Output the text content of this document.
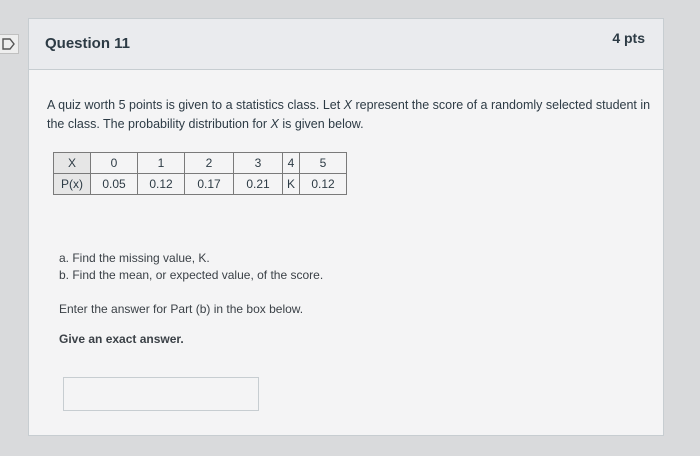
Question 11	4 pts
A quiz worth 5 points is given to a statistics class. Let X represent the score of a randomly selected student in the class. The probability distribution for X is given below.
X	0	1	2	3	4	5
P(x)	0.05	0.12	0.17	0.21	K	0.12
a. Find the missing value, K.
b. Find the mean, or expected value, of the score.
Enter the answer for Part (b) in the box below.
Give an exact answer.
